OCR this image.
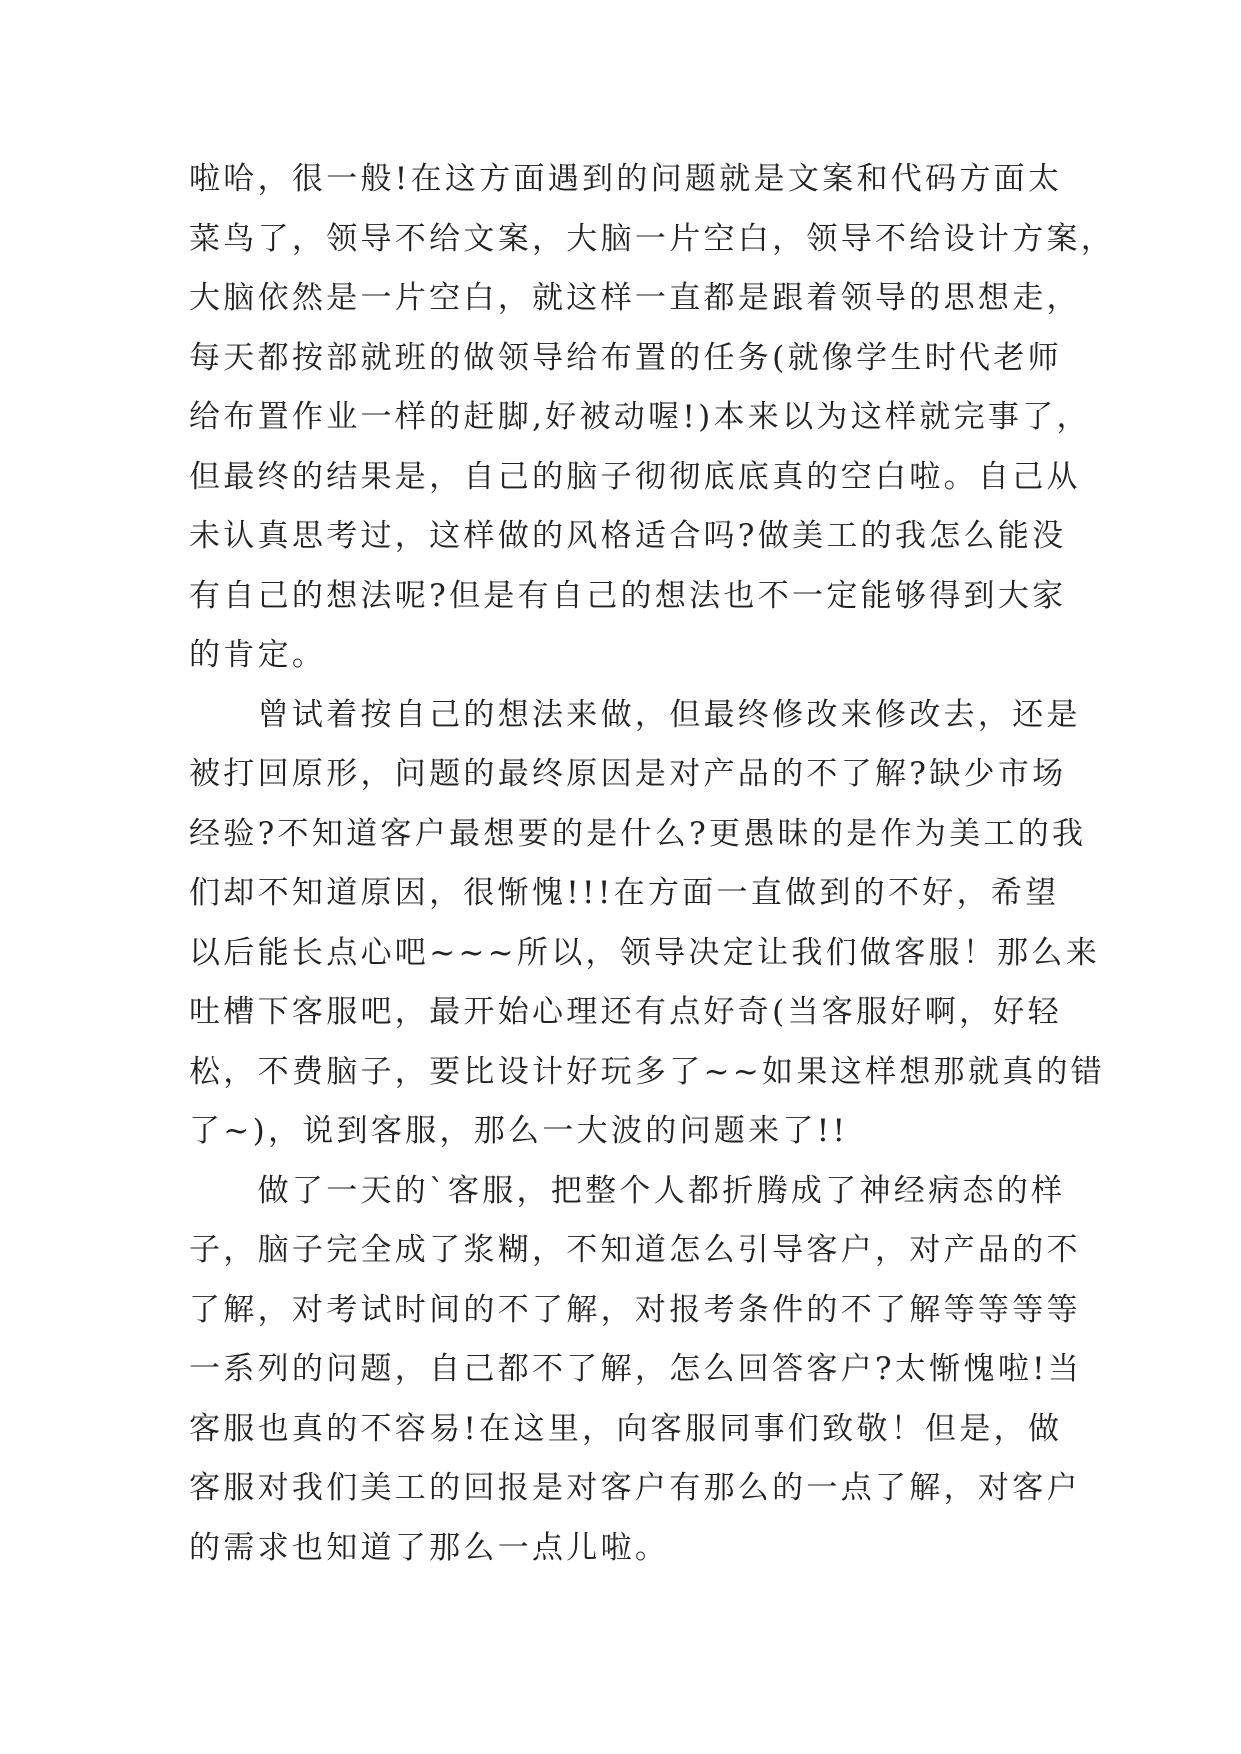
啦哈，很一般!在这方面遇到的问题就是文案和代码方面太
菜鸟了，领导不给文案，大脑一片空白，领导不给设计方案，
大脑依然是一片空白，就这样一直都是跟着领导的思想走，
每天都按部就班的做领导给布置的任务(就像学生时代老师
给布置作业一样的赶脚,好被动喔!)本来以为这样就完事了，
但最终的结果是，自己的脑子彻彻底底真的空白啦。自己从
未认真思考过，这样做的风格适合吗?做美工的我怎么能没
有自己的想法呢?但是有自己的想法也不一定能够得到大家
的肯定。
　　曾试着按自己的想法来做，但最终修改来修改去，还是
被打回原形，问题的最终原因是对产品的不了解?缺少市场
经验?不知道客户最想要的是什么?更愚昧的是作为美工的我
们却不知道原因，很惭愧!!!在方面一直做到的不好，希望
以后能长点心吧~~~所以，领导决定让我们做客服！那么来
吐槽下客服吧，最开始心理还有点好奇(当客服好啊，好轻
松，不费脑子，要比设计好玩多了~~如果这样想那就真的错
了~)，说到客服，那么一大波的问题来了!!
　　做了一天的`客服，把整个人都折腾成了神经病态的样
子，脑子完全成了浆糊，不知道怎么引导客户，对产品的不
了解，对考试时间的不了解，对报考条件的不了解等等等等
一系列的问题，自己都不了解，怎么回答客户?太惭愧啦!当
客服也真的不容易!在这里，向客服同事们致敬！但是，做
客服对我们美工的回报是对客户有那么的一点了解，对客户
的需求也知道了那么一点儿啦。
